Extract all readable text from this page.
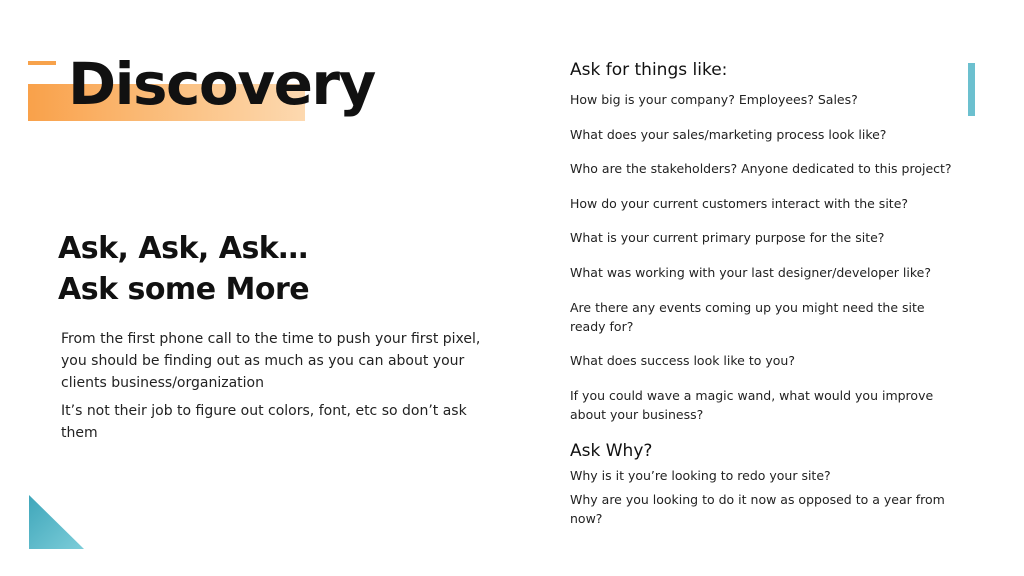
Discovery
Ask, Ask, Ask…
Ask some More

From the first phone call to the time to push your first pixel, you should be finding out as much as you can about your clients business/organization

It’s not their job to figure out colors, font, etc so don’t ask them

Ask for things like:
How big is your company? Employees? Sales?
What does your sales/marketing process look like?
Who are the stakeholders? Anyone dedicated to this project?
How do your current customers interact with the site?
What is your current primary purpose for the site?
What was working with your last designer/developer like?
Are there any events coming up you might need the site ready for?
What does success look like to you?
If you could wave a magic wand, what would you improve about your business?
Ask Why?
Why is it you’re looking to redo your site?
Why are you looking to do it now as opposed to a year from now?
